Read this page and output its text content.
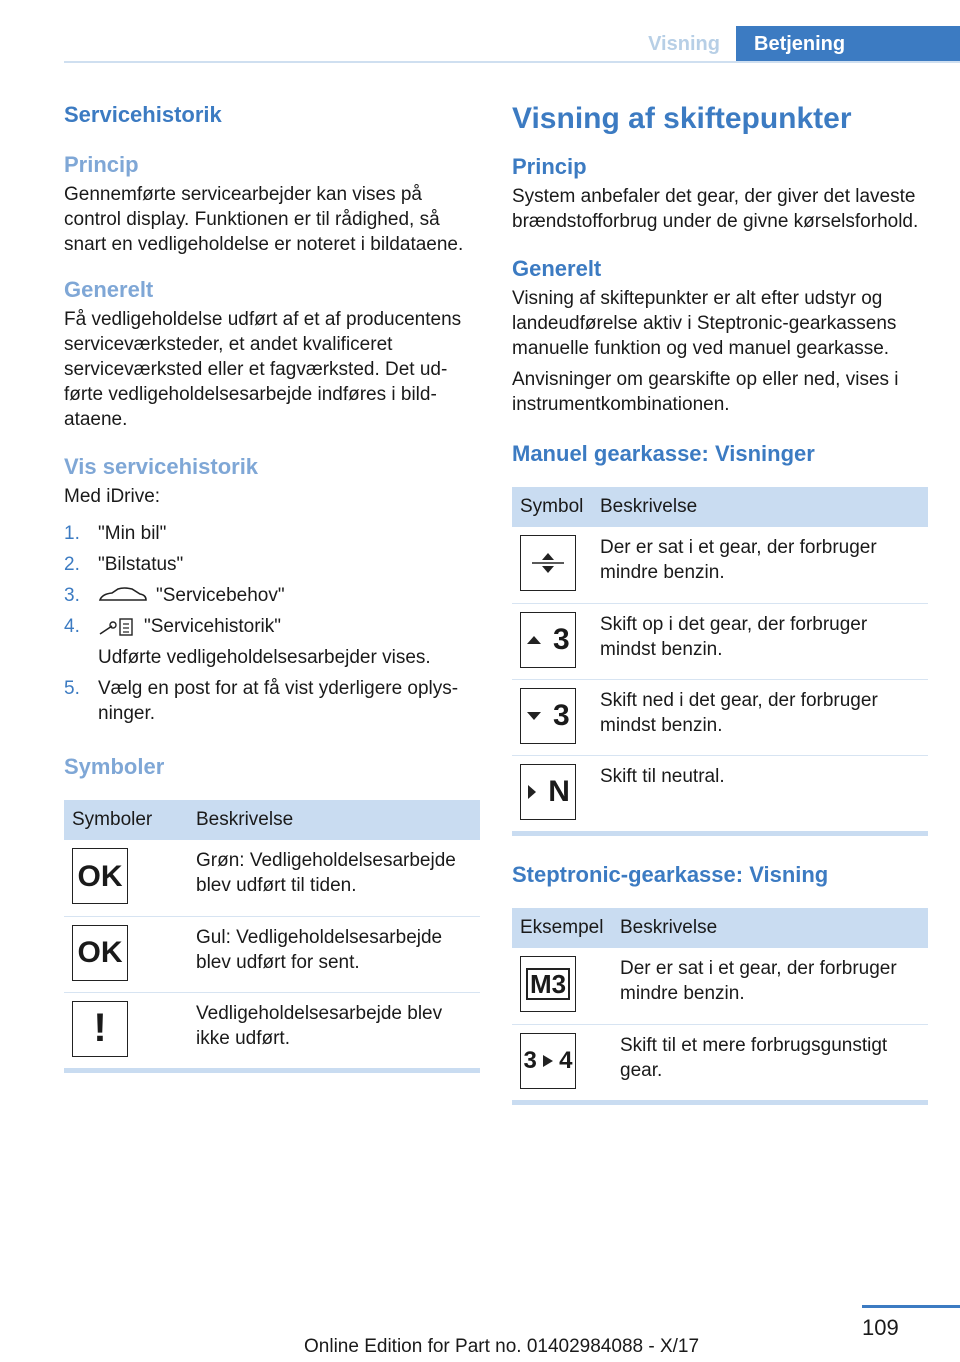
Visning	Betjening
Servicehistorik
Princip

Gennemførte servicearbejder kan vises på control display. Funktionen er til rådighed, så snart en vedligeholdelse er noteret i bildataene.

Generelt

Få vedligeholdelse udført af et af producentens serviceværksteder, et andet kvalificeret serviceværksted eller et fagværksted. Det udførte vedligeholdelsesarbejde indføres i bildataene.

Vis servicehistorik

Med iDrive:

1. "Min bil"
2. "Bilstatus"
3.	"Servicebehov"
4.	"Servicehistorik"
Udførte vedligeholdelsesarbejder vises.
5. Vælg en post for at få vist yderligere oplysninger.
Symboler
Symboler	Beskrivelse

OK	Grøn: Vedligeholdelsesarbejde blev udført til tiden.

OK	Gul: Vedligeholdelsesarbejde blev udført for sent.

!	Vedligeholdelsesarbejde blev ikke udført.
Visning af skiftepunkter
Princip

System anbefaler det gear, der giver det laveste brændstofforbrug under de givne kørselsforhold.

Generelt

Visning af skiftepunkter er alt efter udstyr og landeudførelse aktiv i Steptronic-gearkassens manuelle funktion og ved manuel gearkasse.

Anvisninger om gearskifte op eller ned, vises i instrumentkombinationen.

Manuel gearkasse: Visninger
Symbol	Beskrivelse

	Der er sat i et gear, der forbruger mindre benzin.

3	Skift op i det gear, der forbruger mindst benzin.

3	Skift ned i det gear, der forbruger mindst benzin.

N	Skift til neutral.
Steptronic-gearkasse: Visning
Eksempel	Beskrivelse

M3	Der er sat i et gear, der forbruger mindre benzin.

3 4	Skift til et mere forbrugsgunstigt gear.
109
Online Edition for Part no. 01402984088 - X/17
